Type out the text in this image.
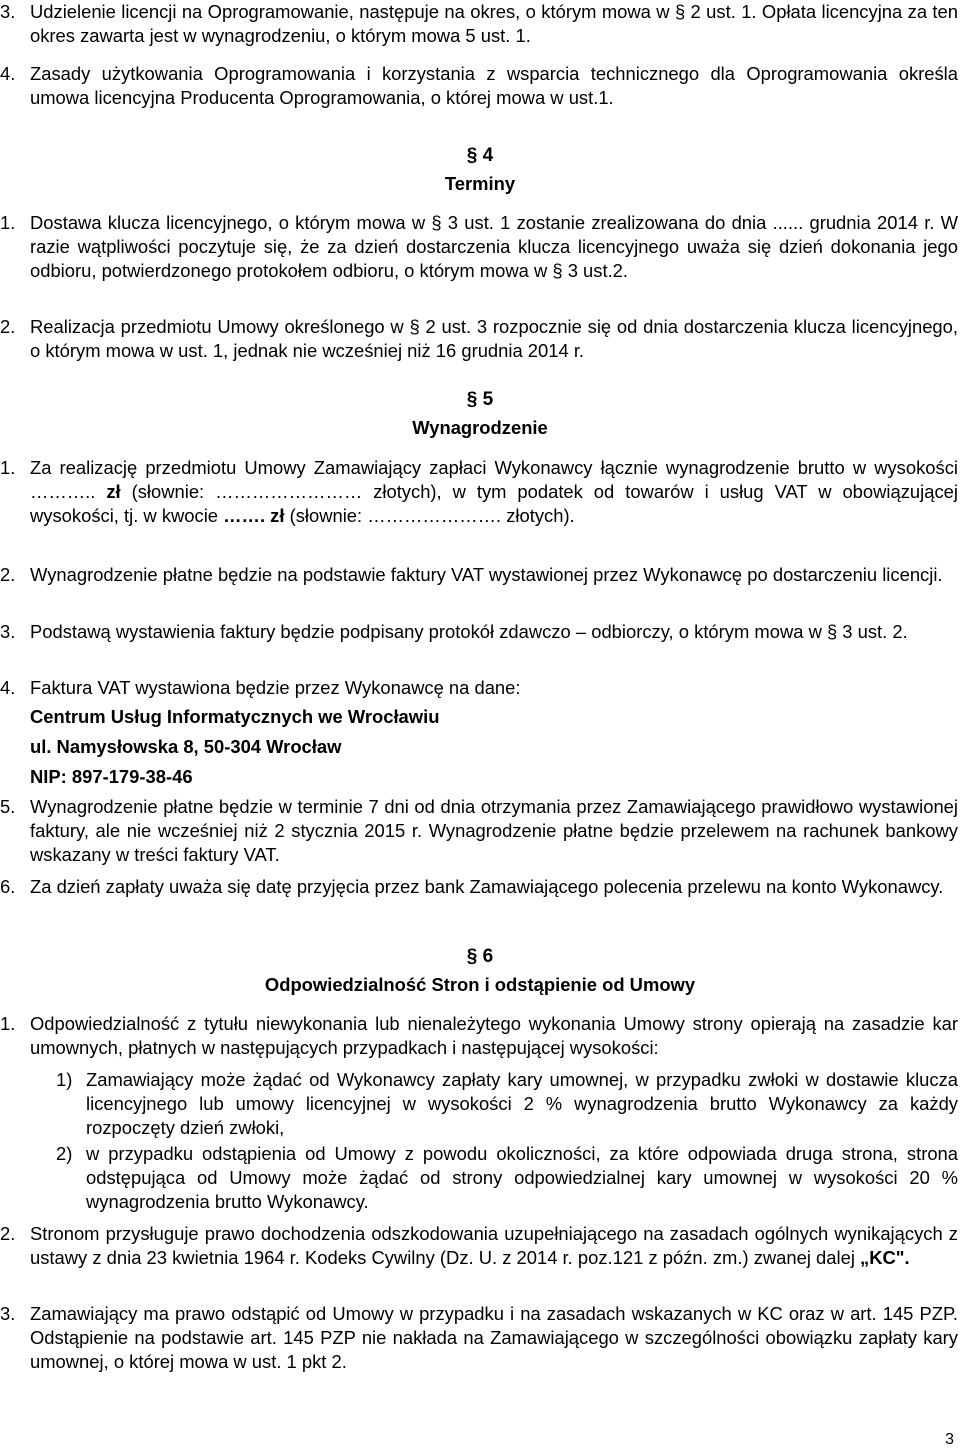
3. Udzielenie licencji na Oprogramowanie, następuje na okres, o którym mowa w § 2 ust. 1. Opłata licencyjna za ten okres zawarta jest w wynagrodzeniu, o którym mowa 5 ust. 1.
4. Zasady użytkowania Oprogramowania i korzystania z wsparcia technicznego dla Oprogramowania określa umowa licencyjna Producenta Oprogramowania, o której mowa w ust.1.
§ 4
Terminy
1. Dostawa klucza licencyjnego, o którym mowa w § 3 ust. 1 zostanie zrealizowana do dnia ...... grudnia 2014 r. W razie wątpliwości poczytuje się, że za dzień dostarczenia klucza licencyjnego uważa się dzień dokonania jego odbioru, potwierdzonego protokołem odbioru, o którym mowa w § 3 ust.2.
2. Realizacja przedmiotu Umowy określonego w § 2 ust. 3 rozpocznie się od dnia dostarczenia klucza licencyjnego, o którym mowa w ust. 1, jednak nie wcześniej niż 16 grudnia 2014 r.
§ 5
Wynagrodzenie
1. Za realizację przedmiotu Umowy Zamawiający zapłaci Wykonawcy łącznie wynagrodzenie brutto w wysokości ……….. zł (słownie: …………………… złotych), w tym podatek od towarów i usług VAT w obowiązującej wysokości, tj. w kwocie ……. zł (słownie: …………………. złotych).
2. Wynagrodzenie płatne będzie na podstawie faktury VAT wystawionej przez Wykonawcę po dostarczeniu licencji.
3. Podstawą wystawienia faktury będzie podpisany protokół zdawczo – odbiorczy, o którym mowa w § 3 ust. 2.
4. Faktura VAT wystawiona będzie przez Wykonawcę na dane:
Centrum Usług Informatycznych we Wrocławiu
ul. Namysłowska 8, 50-304 Wrocław
NIP: 897-179-38-46
5. Wynagrodzenie płatne będzie w terminie 7 dni od dnia otrzymania przez Zamawiającego prawidłowo wystawionej faktury, ale nie wcześniej niż 2 stycznia 2015 r. Wynagrodzenie płatne będzie przelewem na rachunek bankowy wskazany w treści faktury VAT.
6. Za dzień zapłaty uważa się datę przyjęcia przez bank Zamawiającego polecenia przelewu na konto Wykonawcy.
§ 6
Odpowiedzialność Stron i odstąpienie od Umowy
1. Odpowiedzialność z tytułu niewykonania lub nienależytego wykonania Umowy strony opierają na zasadzie kar umownych, płatnych w następujących przypadkach i następującej wysokości:
1) Zamawiający może żądać od Wykonawcy zapłaty kary umownej, w przypadku zwłoki w dostawie klucza licencyjnego lub umowy licencyjnej w wysokości 2 % wynagrodzenia brutto Wykonawcy za każdy rozpoczęty dzień zwłoki,
2) w przypadku odstąpienia od Umowy z powodu okoliczności, za które odpowiada druga strona, strona odstępująca od Umowy może żądać od strony odpowiedzialnej kary umownej w wysokości 20 % wynagrodzenia brutto Wykonawcy.
2. Stronom przysługuje prawo dochodzenia odszkodowania uzupełniającego na zasadach ogólnych wynikających z ustawy z dnia 23 kwietnia 1964 r. Kodeks Cywilny (Dz. U. z 2014 r. poz.121 z późn. zm.) zwanej dalej „KC".
3. Zamawiający ma prawo odstąpić od Umowy w przypadku i na zasadach wskazanych w KC oraz w art. 145 PZP. Odstąpienie na podstawie art. 145 PZP nie nakłada na Zamawiającego w szczególności obowiązku zapłaty kary umownej, o której mowa w ust. 1 pkt 2.
3
